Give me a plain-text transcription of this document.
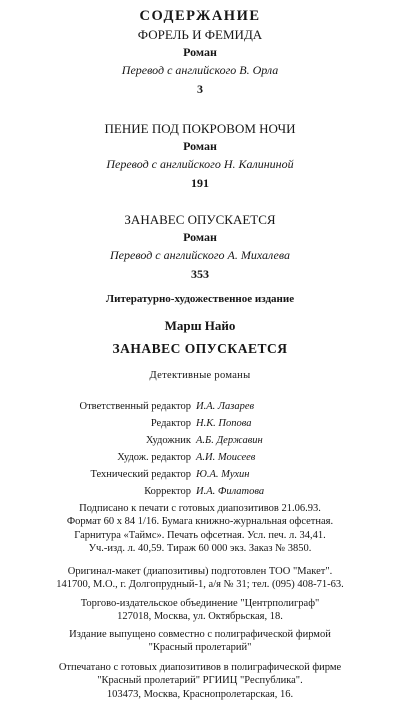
СОДЕРЖАНИЕ
ФОРЕЛЬ И ФЕМИДА
Роман
Перевод с английского В. Орла
3
ПЕНИЕ ПОД ПОКРОВОМ НОЧИ
Роман
Перевод с английского Н. Калининой
191
ЗАНАВЕС ОПУСКАЕТСЯ
Роман
Перевод с английского А. Михалева
353
Литературно-художественное издание
Марш Найо
ЗАНАВЕС ОПУСКАЕТСЯ
Детективные романы
Ответственный редактор И.А. Лазарев
Редактор Н.К. Попова
Художник А.Б. Державин
Худож. редактор А.И. Моисеев
Технический редактор Ю.А. Мухин
Корректор И.А. Филатова
Подписано к печати с готовых диапозитивов 21.06.93.
Формат 60 х 84 1/16. Бумага книжно-журнальная офсетная.
Гарнитура «Таймс». Печать офсетная. Усл. печ. л. 34,41.
Уч.-изд. л. 40,59. Тираж 60 000 экз. Заказ № 3850.
Оригинал-макет (диапозитивы) подготовлен ТОО "Макет".
141700, М.О., г. Долгопрудный-1, а/я № 31; тел. (095) 408-71-63.
Торгово-издательское объединение "Центрполиграф"
127018, Москва, ул. Октябрьская, 18.
Издание выпущено совместно с полиграфической фирмой
"Красный пролетарий"
Отпечатано с готовых диапозитивов в полиграфической фирме
"Красный пролетарий" РГИИЦ "Республика".
103473, Москва, Краснопролетарская, 16.
